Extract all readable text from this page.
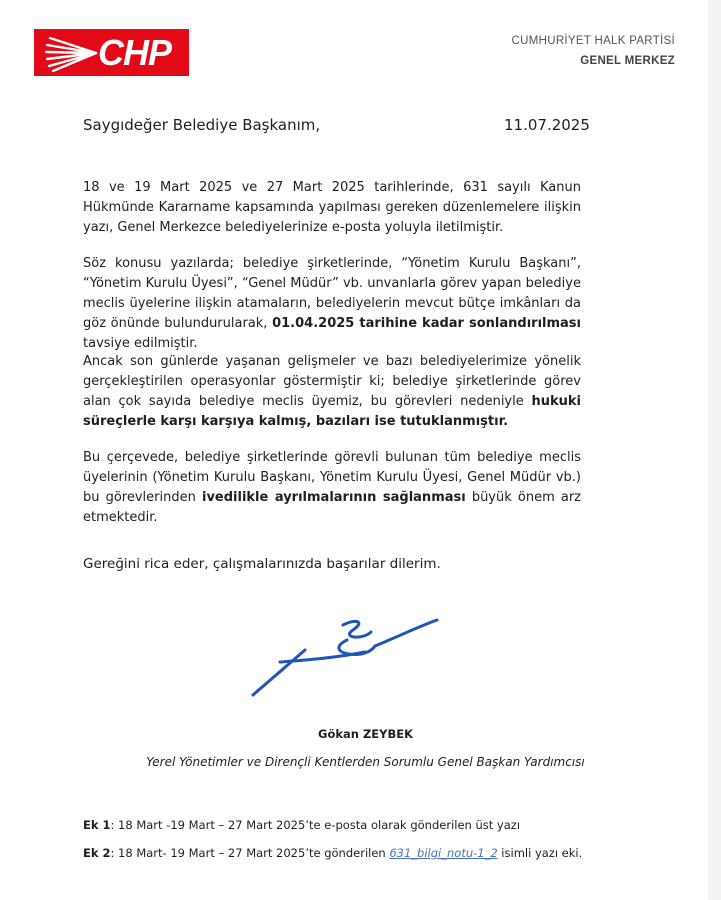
CHP	CUMHURİYET HALK PARTİSİ
GENEL MERKEZ
Saygıdeğer Belediye Başkanım,	11.07.2025

18 ve 19 Mart 2025 ve 27 Mart 2025 tarihlerinde, 631 sayılı Kanun Hükmünde Kararname kapsamında yapılması gereken düzenlemelere ilişkin yazı, Genel Merkezce belediyelerinize e-posta yoluyla iletilmiştir.

Söz konusu yazılarda; belediye şirketlerinde, “Yönetim Kurulu Başkanı”, “Yönetim Kurulu Üyesi”, “Genel Müdür” vb. unvanlarla görev yapan belediye meclis üyelerine ilişkin atamaların, belediyelerin mevcut bütçe imkânları da göz önünde bulundurularak, 01.04.2025 tarihine kadar sonlandırılması tavsiye edilmiştir.

Ancak son günlerde yaşanan gelişmeler ve bazı belediyelerimize yönelik gerçekleştirilen operasyonlar göstermiştir ki; belediye şirketlerinde görev alan çok sayıda belediye meclis üyemiz, bu görevleri nedeniyle hukuki süreçlerle karşı karşıya kalmış, bazıları ise tutuklanmıştır.

Bu çerçevede, belediye şirketlerinde görevli bulunan tüm belediye meclis üyelerinin (Yönetim Kurulu Başkanı, Yönetim Kurulu Üyesi, Genel Müdür vb.) bu görevlerinden ivedilikle ayrılmalarının sağlanması büyük önem arz etmektedir.

Gereğini rica eder, çalışmalarınızda başarılar dilerim.
Gökan ZEYBEK
Yerel Yönetimler ve Dirençli Kentlerden Sorumlu Genel Başkan Yardımcısı
Ek 1: 18 Mart -19 Mart – 27 Mart 2025’te e-posta olarak gönderilen üst yazı
Ek 2: 18 Mart- 19 Mart – 27 Mart 2025’te gönderilen 631_bilgi_notu-1_2 isimli yazı eki.
